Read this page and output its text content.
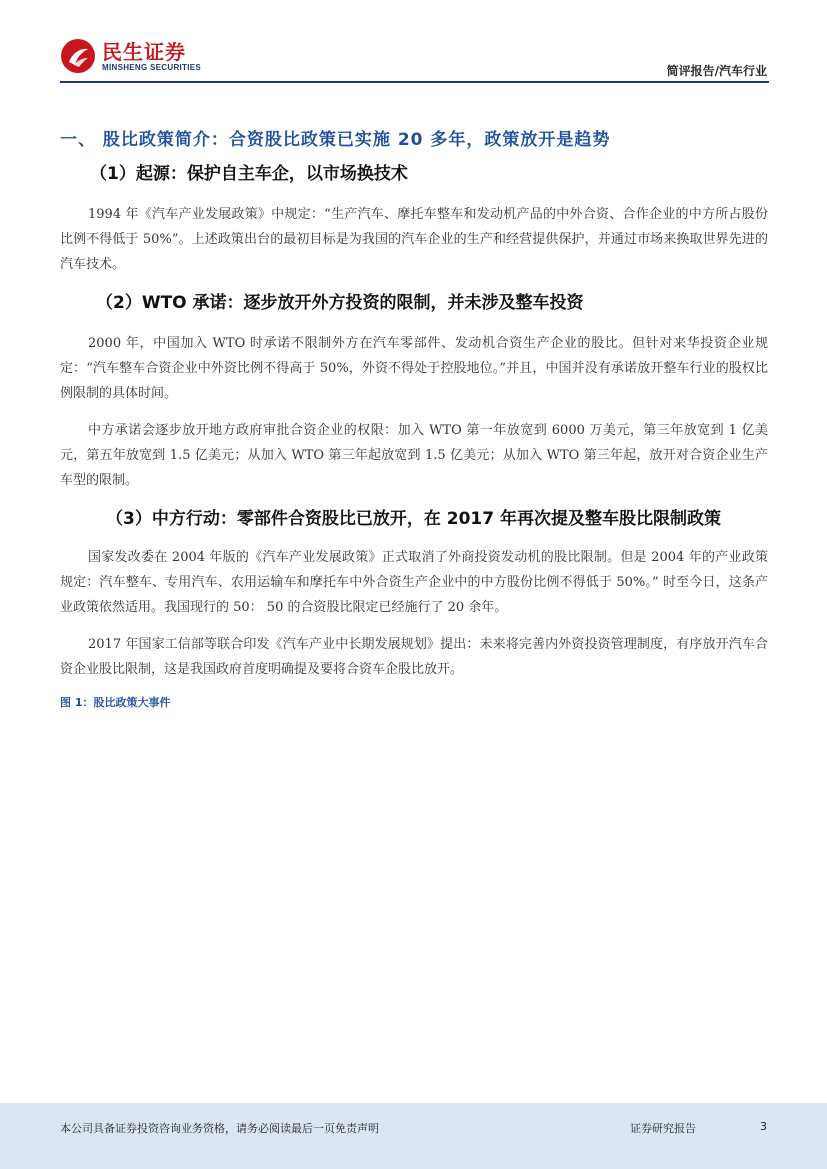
民生证券
MINSHENG SECURITIES	简评报告/汽车行业
一、 股比政策简介：合资股比政策已实施 20 多年，政策放开是趋势
（1）起源：保护自主车企，以市场换技术

1994 年《汽车产业发展政策》中规定：“生产汽车、摩托车整车和发动机产品的中外合资、合作企业的中方所占股份比例不得低于 50%”。上述政策出台的最初目标是为我国的汽车企业的生产和经营提供保护，并通过市场来换取世界先进的汽车技术。

（2）WTO 承诺：逐步放开外方投资的限制，并未涉及整车投资

2000 年，中国加入 WTO 时承诺不限制外方在汽车零部件、发动机合资生产企业的股比。但针对来华投资企业规定：“汽车整车合资企业中外资比例不得高于 50%，外资不得处于控股地位。”并且，中国并没有承诺放开整车行业的股权比例限制的具体时间。

中方承诺会逐步放开地方政府审批合资企业的权限：加入 WTO 第一年放宽到 6000 万美元，第三年放宽到 1 亿美元，第五年放宽到 1.5 亿美元；从加入 WTO 第三年起放宽到 1.5 亿美元；从加入 WTO 第三年起，放开对合资企业生产车型的限制。

（3）中方行动：零部件合资股比已放开，在 2017 年再次提及整车股比限制政策

国家发改委在 2004 年版的《汽车产业发展政策》正式取消了外商投资发动机的股比限制。但是 2004 年的产业政策规定：汽车整车、专用汽车、农用运输车和摩托车中外合资生产企业中的中方股份比例不得低于 50%。” 时至今日，这条产业政策依然适用。我国现行的 50： 50 的合资股比限定已经施行了 20 余年。

2017 年国家工信部等联合印发《汽车产业中长期发展规划》提出：未来将完善内外资投资管理制度，有序放开汽车合资企业股比限制，这是我国政府首度明确提及要将合资车企股比放开。

图 1：股比政策大事件
本公司具备证券投资咨询业务资格，请务必阅读最后一页免责声明	证券研究报告	3
